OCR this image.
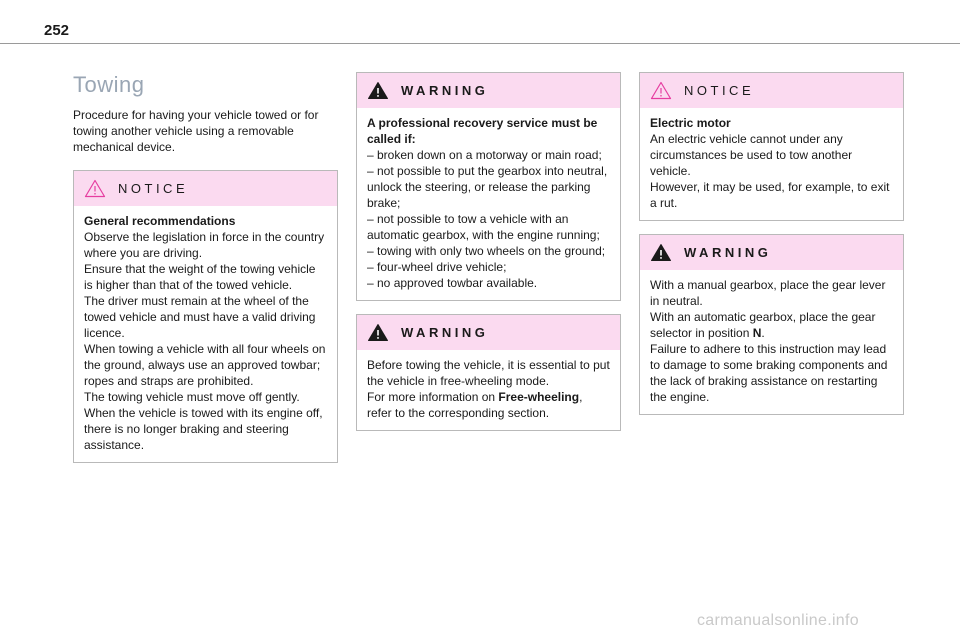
252
Towing

Procedure for having your vehicle towed or for towing another vehicle using a removable mechanical device.

NOTICE

General recommendations

Observe the legislation in force in the country where you are driving.

Ensure that the weight of the towing vehicle is higher than that of the towed vehicle.

The driver must remain at the wheel of the towed vehicle and must have a valid driving licence.

When towing a vehicle with all four wheels on the ground, always use an approved towbar; ropes and straps are prohibited.

The towing vehicle must move off gently.

When the vehicle is towed with its engine off, there is no longer braking and steering assistance.

WARNING

A professional recovery service must be called if:

– broken down on a motorway or main road;

– not possible to put the gearbox into neutral, unlock the steering, or release the parking brake;

– not possible to tow a vehicle with an automatic gearbox, with the engine running;

– towing with only two wheels on the ground;

– four-wheel drive vehicle;

– no approved towbar available.

WARNING

Before towing the vehicle, it is essential to put the vehicle in free-wheeling mode.

For more information on Free-wheeling, refer to the corresponding section.

NOTICE

Electric motor

An electric vehicle cannot under any circumstances be used to tow another vehicle.

However, it may be used, for example, to exit a rut.

WARNING

With a manual gearbox, place the gear lever in neutral.

With an automatic gearbox, place the gear selector in position N.

Failure to adhere to this instruction may lead to damage to some braking components and the lack of braking assistance on restarting the engine.

carmanualsonline.info
